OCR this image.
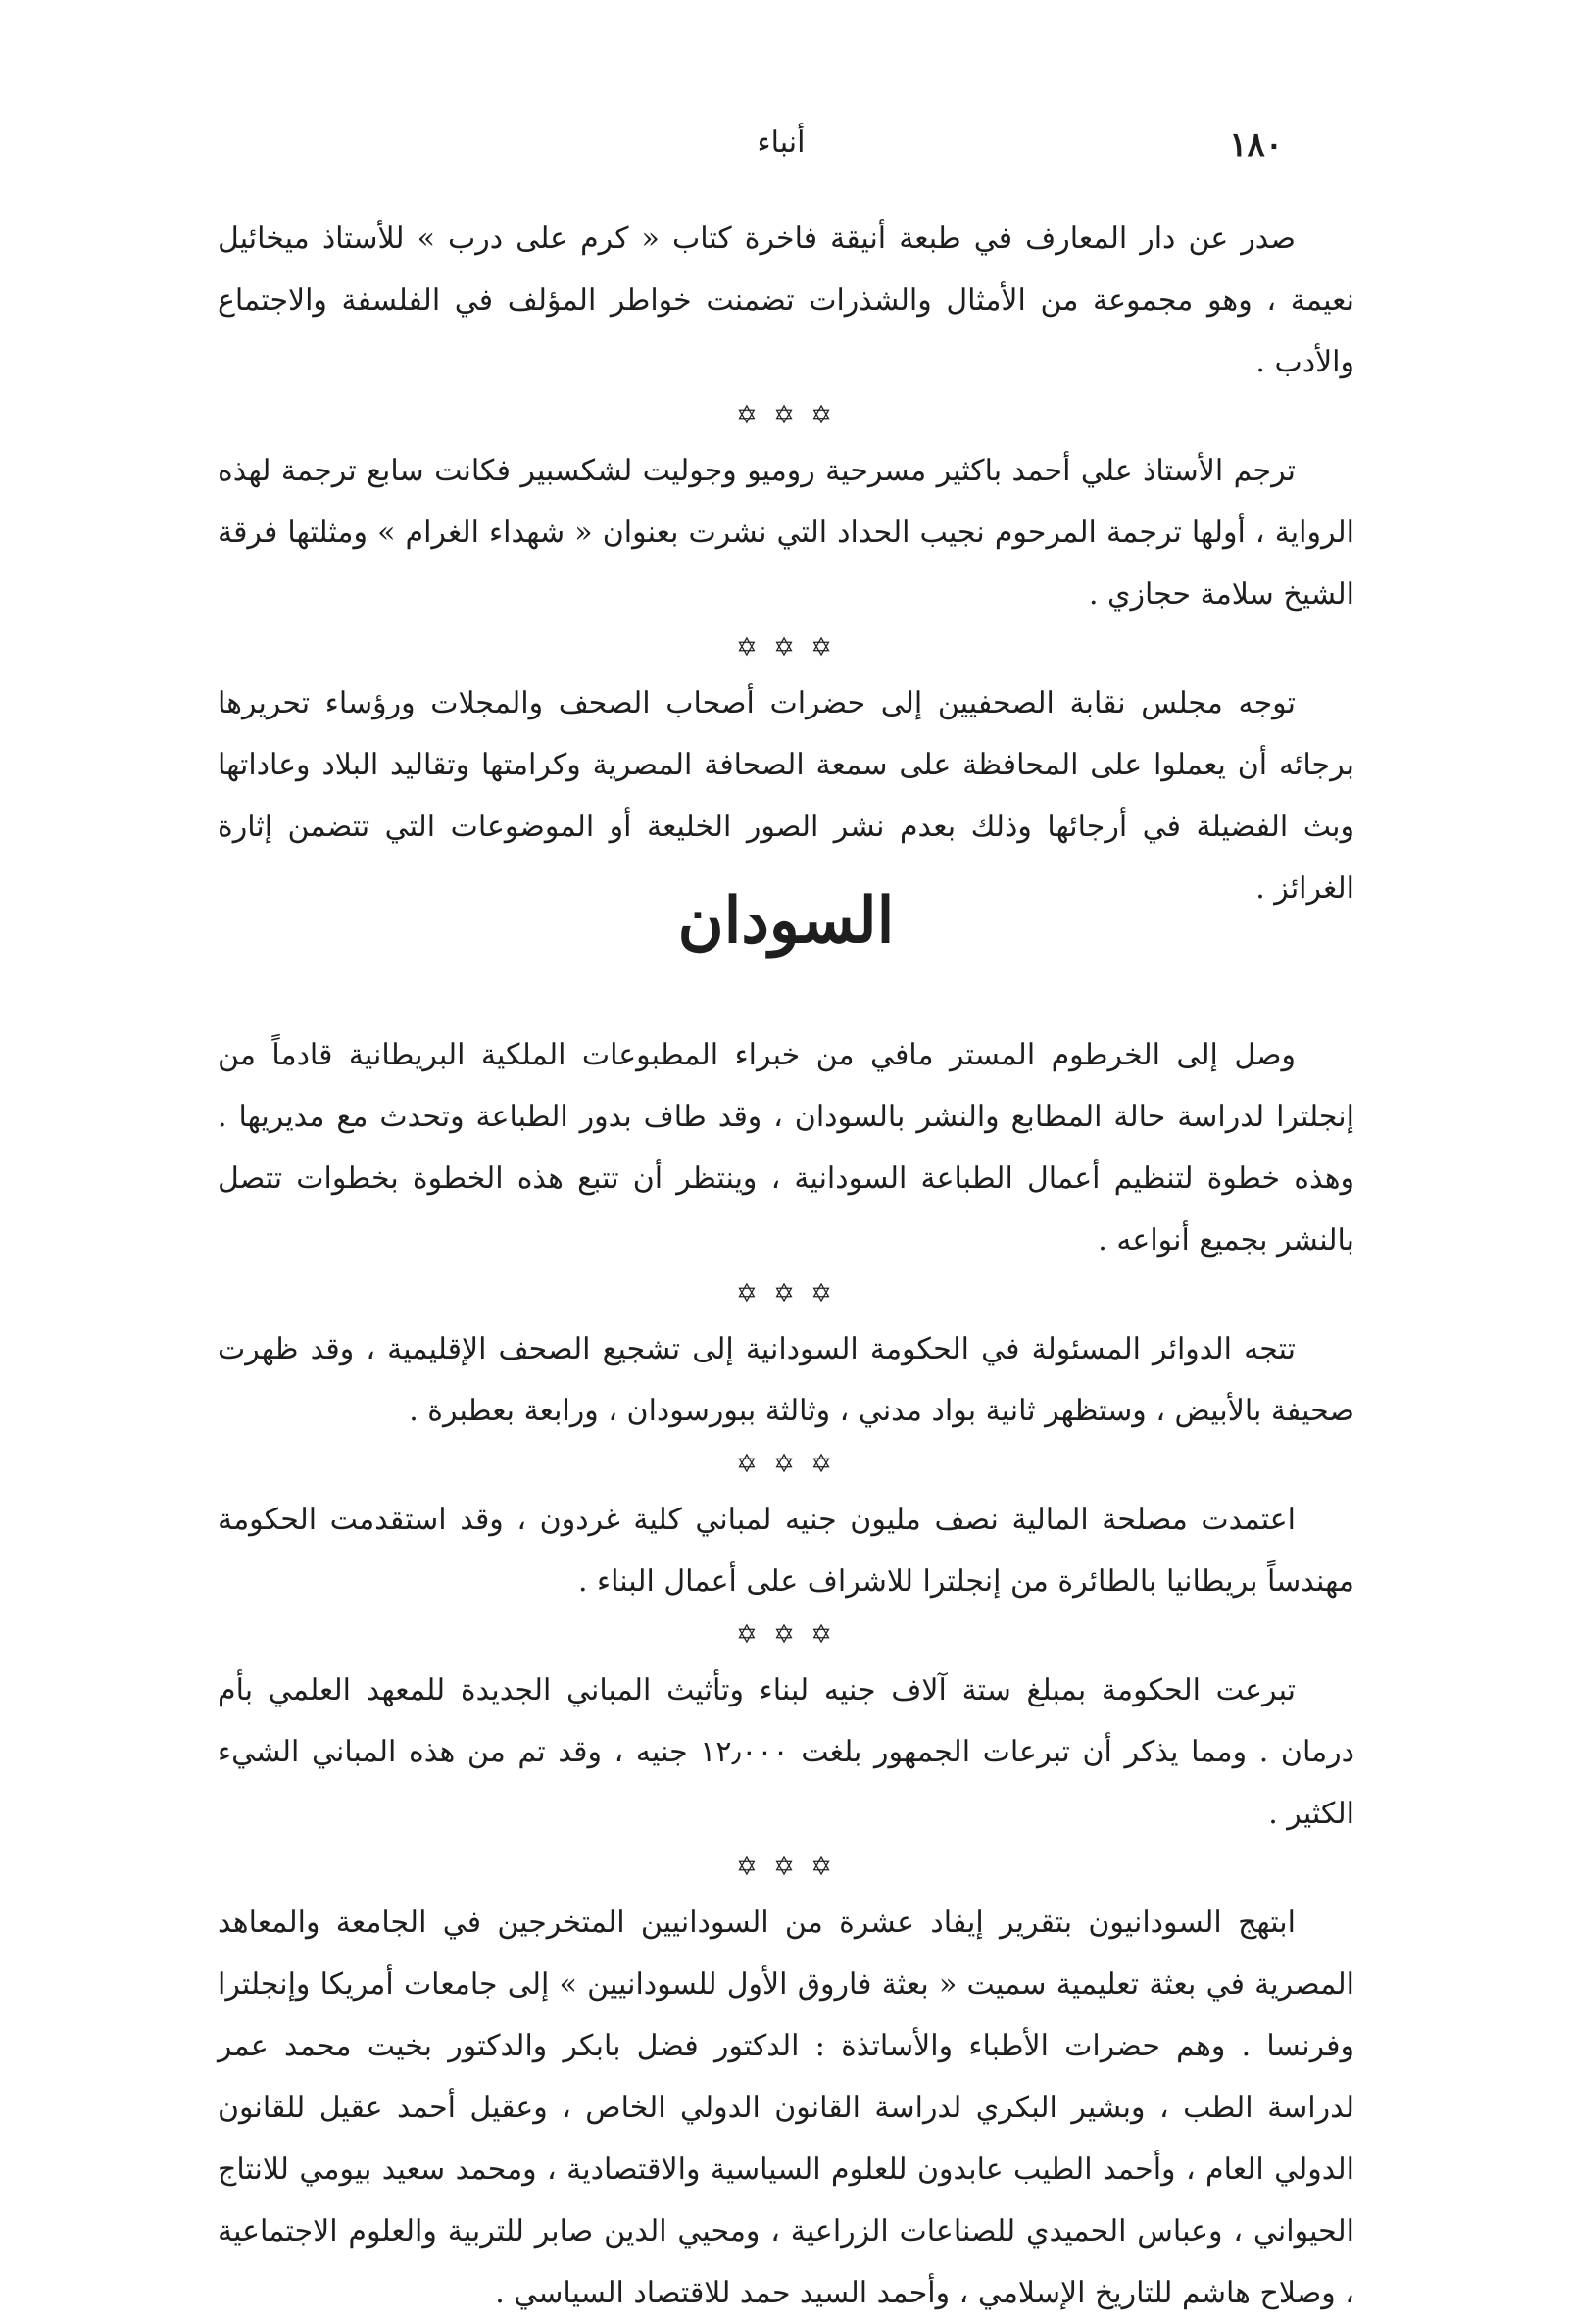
١٨٠
أنباء

صدر عن دار المعارف في طبعة أنيقة فاخرة كتاب « كرم على درب » للأستاذ ميخائيل نعيمة ، وهو مجموعة من الأمثال والشذرات تضمنت خواطر المؤلف في الفلسفة والاجتماع والأدب .

✡ ✡ ✡

ترجم الأستاذ علي أحمد باكثير مسرحية روميو وجوليت لشكسبير فكانت سابع ترجمة لهذه الرواية ، أولها ترجمة المرحوم نجيب الحداد التي نشرت بعنوان « شهداء الغرام » ومثلتها فرقة الشيخ سلامة حجازي .

✡ ✡ ✡

توجه مجلس نقابة الصحفيين إلى حضرات أصحاب الصحف والمجلات ورؤساء تحريرها برجائه أن يعملوا على المحافظة على سمعة الصحافة المصرية وكرامتها وتقاليد البلاد وعاداتها وبث الفضيلة في أرجائها وذلك بعدم نشر الصور الخليعة أو الموضوعات التي تتضمن إثارة الغرائز .

السودان

وصل إلى الخرطوم المستر مافي من خبراء المطبوعات الملكية البريطانية قادماً من إنجلترا لدراسة حالة المطابع والنشر بالسودان ، وقد طاف بدور الطباعة وتحدث مع مديريها . وهذه خطوة لتنظيم أعمال الطباعة السودانية ، وينتظر أن تتبع هذه الخطوة بخطوات تتصل بالنشر بجميع أنواعه .

✡ ✡ ✡

تتجه الدوائر المسئولة في الحكومة السودانية إلى تشجيع الصحف الإقليمية ، وقد ظهرت صحيفة بالأبيض ، وستظهر ثانية بواد مدني ، وثالثة ببورسودان ، ورابعة بعطبرة .

✡ ✡ ✡

اعتمدت مصلحة المالية نصف مليون جنيه لمباني كلية غردون ، وقد استقدمت الحكومة مهندساً بريطانيا بالطائرة من إنجلترا للاشراف على أعمال البناء .

✡ ✡ ✡

تبرعت الحكومة بمبلغ ستة آلاف جنيه لبناء وتأثيث المباني الجديدة للمعهد العلمي بأم درمان . ومما يذكر أن تبرعات الجمهور بلغت ١٢٫٠٠٠ جنيه ، وقد تم من هذه المباني الشيء الكثير .

✡ ✡ ✡

ابتهج السودانيون بتقرير إيفاد عشرة من السودانيين المتخرجين في الجامعة والمعاهد المصرية في بعثة تعليمية سميت « بعثة فاروق الأول للسودانيين » إلى جامعات أمريكا وإنجلترا وفرنسا . وهم حضرات الأطباء والأساتذة : الدكتور فضل بابكر والدكتور بخيت محمد عمر لدراسة الطب ، وبشير البكري لدراسة القانون الدولي الخاص ، وعقيل أحمد عقيل للقانون الدولي العام ، وأحمد الطيب عابدون للعلوم السياسية والاقتصادية ، ومحمد سعيد بيومي للانتاج الحيواني ، وعباس الحميدي للصناعات الزراعية ، ومحيي الدين صابر للتربية والعلوم الاجتماعية ، وصلاح هاشم للتاريخ الإسلامي ، وأحمد السيد حمد للاقتصاد السياسي .
